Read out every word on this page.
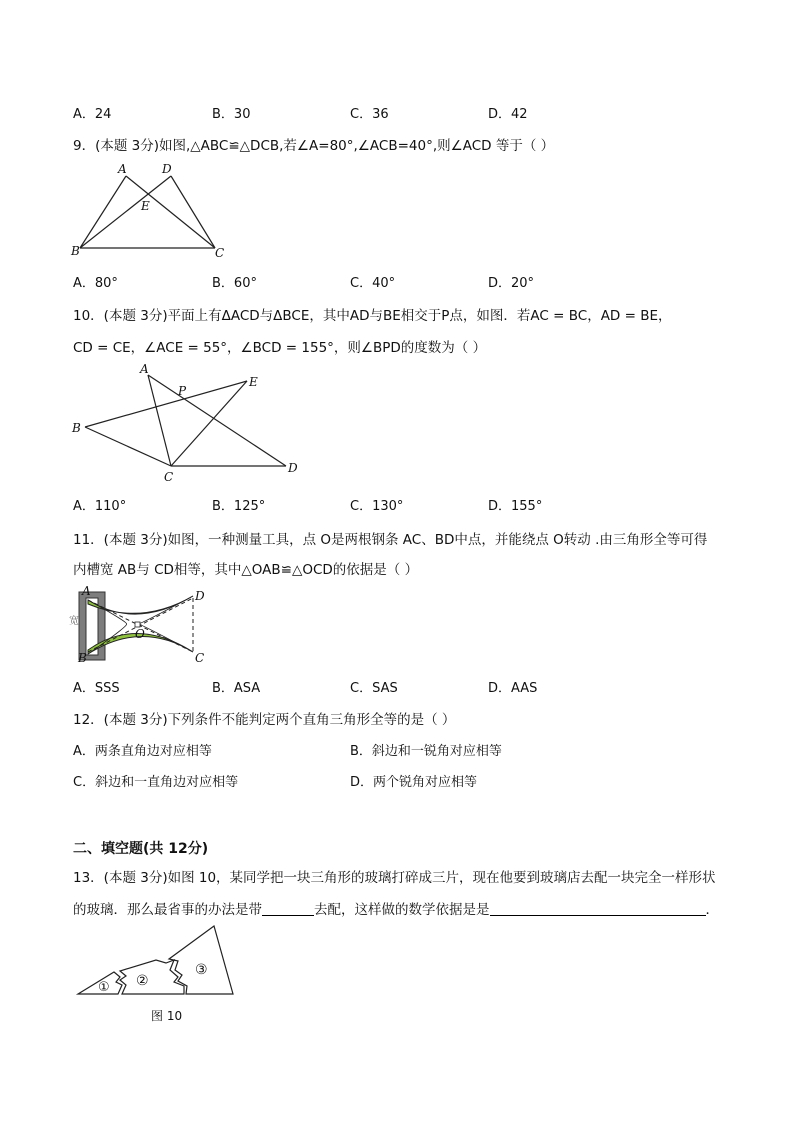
A．24	B．30	C．36	D．42
9．(本题 3分)如图,△ABC≌△DCB,若∠A=80°,∠ACB=40°,则∠ACD 等于（ ）
A	D
E
B	C
A．80°	B．60°	C．40°	D．20°
10．(本题 3分)平面上有ΔACD与ΔBCE，其中AD与BE相交于P点，如图．若AC = BC，AD = BE，
CD = CE，∠ACE = 55°，∠BCD = 155°，则∠BPD的度数为（ ）
A
P
E
B
C
D
A．110°	B．125°	C．130°	D．155°
11．(本题 3分)如图，一种测量工具，点 O是两根钢条 AC、BD中点，并能绕点 O转动 .由三角形全等可得
内槽宽 AB与 CD相等，其中△OAB≌△OCD的依据是（ ）
宽
A	D
O
B	C
A．SSS	B．ASA	C．SAS	D．AAS
12．(本题 3分)下列条件不能判定两个直角三角形全等的是（ ）
A．两条直角边对应相等	B．斜边和一锐角对应相等
C．斜边和一直角边对应相等	D．两个锐角对应相等
二、填空题(共 12分)
13．(本题 3分)如图 10，某同学把一块三角形的玻璃打碎成三片，现在他要到玻璃店去配一块完全一样形状
的玻璃．那么最省事的办法是带	去配，这样做的数学依据是是	．
① ②
③
图 10
